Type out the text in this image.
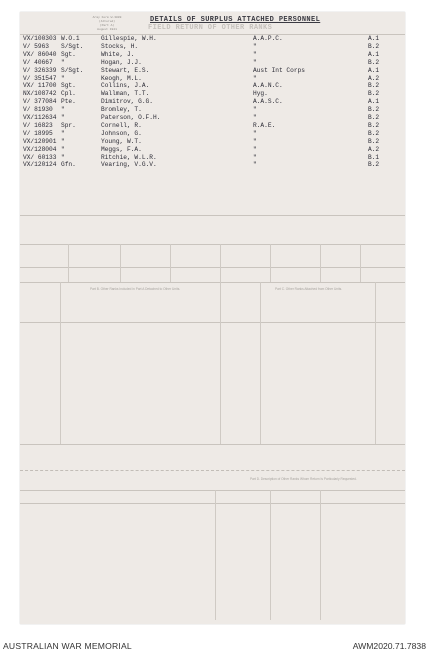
Army Form W.3009
(Altered)
(Part A)
August 1941
DETAILS OF SURPLUS ATTACHED PERSONNEL
FIELD RETURN OF OTHER RANKS
Part B. Other Ranks Included in Part A Detached to Other Units.	Part C. Other Ranks Attached from Other Units.
Part D. Description of Other Ranks Whom Return Is Particularly Requested.
VX/100303 W.O.1	Gillespie, W.H.	A.A.P.C.	A.1
V/ 5963	S/Sgt.	Stocks, H.	"	B.2
VX/ 86040 Sgt.	White, J.	"	A.1
V/ 40667	"	Hogan, J.J.	"	B.2
V/ 326339 S/Sgt.	Stewart, E.S.	Aust Int Corps	A.1
V/ 351547 "	Keogh, M.L.	"	A.2
VX/ 11700 Sgt.	Collins, J.A.	A.A.N.C.	B.2
NX/108742 Cpl.	Wallman, T.T.	Hyg.	B.2
V/ 377084 Pte.	Dimitrov, G.G.	A.A.S.C.	A.1
V/ 81930	"	Bromley, T.	"	B.2
VX/112634 "	Paterson, O.F.H.	"	B.2
V/ 16823	Spr.	Cornell, R.	R.A.E.	B.2
V/ 18995	"	Johnson, G.	"	B.2
VX/120901 "	Young, W.T.	"	B.2
VX/128004 "	Meggs, F.A.	"	A.2
VX/ 60133 "	Ritchie, W.L.R.	"	B.1
VX/120124 Gfn.	Vearing, V.G.V.	"	B.2
AUSTRALIAN WAR MEMORIAL	AWM2020.71.7838
